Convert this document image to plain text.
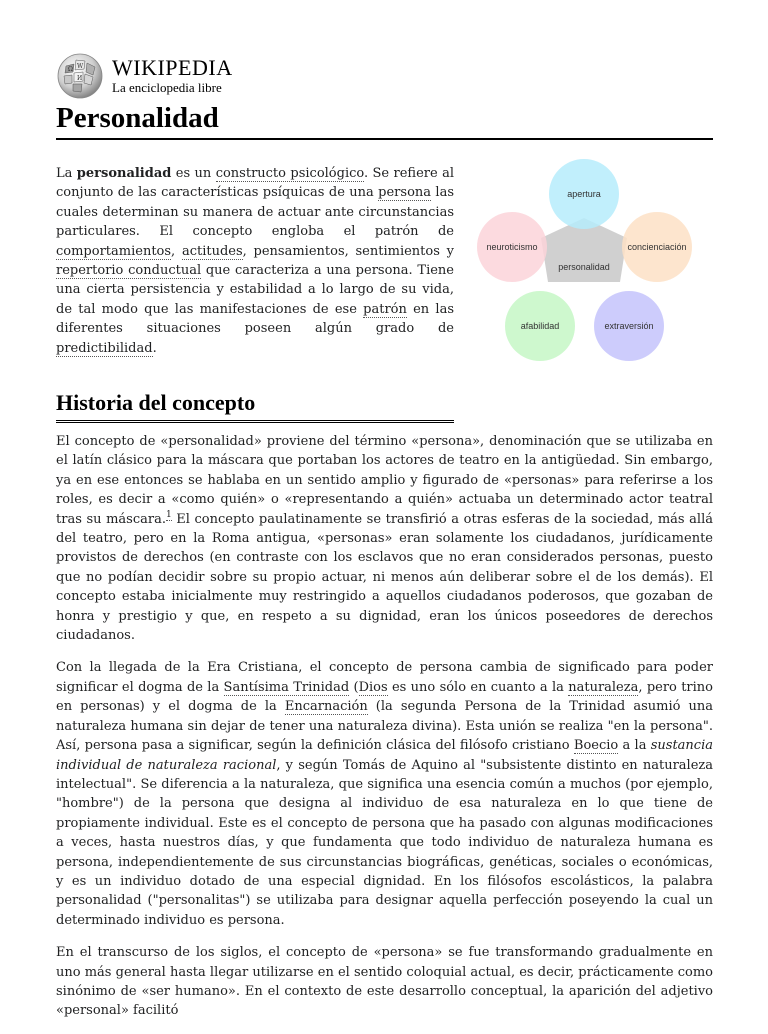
Ω W
И WIKIPEDIA
La enciclopedia libre
Personalidad

La personalidad es un constructo psicológico. Se refiere al conjunto de las características psíquicas de una persona las cuales determinan su manera de actuar ante circunstancias particulares. El concepto engloba el patrón de comportamientos, actitudes, pensamientos, sentimientos y repertorio conductual que caracteriza a una persona. Tiene una cierta persistencia y estabilidad a lo largo de su vida, de tal modo que las manifestaciones de ese patrón en las diferentes situaciones poseen algún grado de predictibilidad.

personalidad
apertura
concienciación
extraversión
afabilidad
neuroticismo
Historia del concepto

El concepto de «personalidad» proviene del término «persona», denominación que se utilizaba en el latín clásico para la máscara que portaban los actores de teatro en la antigüedad. Sin embargo, ya en ese entonces se hablaba en un sentido amplio y figurado de «personas» para referirse a los roles, es decir a «como quién» o «representando a quién» actuaba un determinado actor teatral tras su máscara.$^1$ El concepto paulatinamente se transfirió a otras esferas de la sociedad, más allá del teatro, pero en la Roma antigua, «personas» eran solamente los ciudadanos, jurídicamente provistos de derechos (en contraste con los esclavos que no eran considerados personas, puesto que no podían decidir sobre su propio actuar, ni menos aún deliberar sobre el de los demás). El concepto estaba inicialmente muy restringido a aquellos ciudadanos poderosos, que gozaban de honra y prestigio y que, en respeto a su dignidad, eran los únicos poseedores de derechos ciudadanos.

Con la llegada de la Era Cristiana, el concepto de persona cambia de significado para poder significar el dogma de la Santísima Trinidad (Dios es uno sólo en cuanto a la naturaleza, pero trino en personas) y el dogma de la Encarnación (la segunda Persona de la Trinidad asumió una naturaleza humana sin dejar de tener una naturaleza divina). Esta unión se realiza "en la persona". Así, persona pasa a significar, según la definición clásica del filósofo cristiano Boecio a la sustancia individual de naturaleza racional, y según Tomás de Aquino al "subsistente distinto en naturaleza intelectual". Se diferencia a la naturaleza, que significa una esencia común a muchos (por ejemplo, "hombre") de la persona que designa al individuo de esa naturaleza en lo que tiene de propiamente individual. Este es el concepto de persona que ha pasado con algunas modificaciones a veces, hasta nuestros días, y que fundamenta que todo individuo de naturaleza humana es persona, independientemente de sus circunstancias biográficas, genéticas, sociales o económicas, y es un individuo dotado de una especial dignidad. En los filósofos escolásticos, la palabra personalidad ("personalitas") se utilizaba para designar aquella perfección poseyendo la cual un determinado individuo es persona.

En el transcurso de los siglos, el concepto de «persona» se fue transformando gradualmente en uno más general hasta llegar utilizarse en el sentido coloquial actual, es decir, prácticamente como sinónimo de «ser humano». En el contexto de este desarrollo conceptual, la aparición del adjetivo «personal» facilitó
